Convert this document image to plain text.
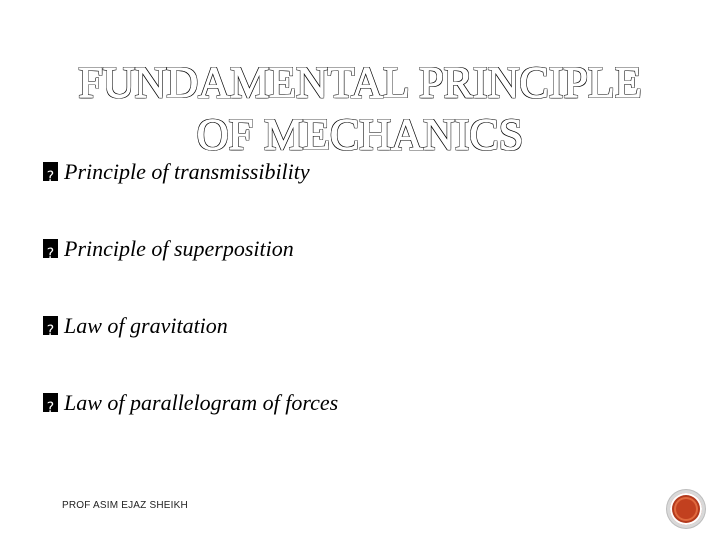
FUNDAMENTAL PRINCIPLE
OF MECHANICS
?
Principle of transmissibility
?
Principle of superposition
?
Law of gravitation
?
Law of parallelogram of forces
PROF ASIM EJAZ SHEIKH
